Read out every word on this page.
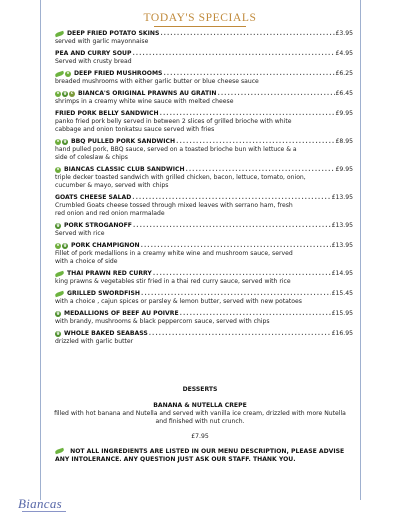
TODAY'S SPECIALS
DEEP FRIED POTATO SKINS .....	£3.95
served with garlic mayonnaise
PEA AND CURRY SOUP .....	£4.95
Served with crusty bread
v DEEP FRIED MUSHROOMS .....	£6.25
breaded mushrooms with either garlic butter or blue cheese sauce
v g c BIANCA'S ORIGINAL PRAWNS AU GRATIN .....	£6.45
shrimps in a creamy white wine sauce with melted cheese
FRIED PORK BELLY SANDWICH .....	£9.95
panko fried pork belly served in between 2 slices of grilled brioche with white
cabbage and onion tonkatsu sauce served with fries
v g BBQ PULLED PORK SANDWICH .....	£8.95
hand pulled pork, BBQ sauce, served on a toasted brioche bun with lettuce & a
side of coleslaw & chips
v BIANCAS CLASSIC CLUB SANDWICH .....	£9.95
triple decker toasted sandwich with grilled chicken, bacon, lettuce, tomato, onion,
cucumber & mayo, served with chips
GOATS CHEESE SALAD .....	£13.95
Crumbled Goats cheese tossed through mixed leaves with serrano ham, fresh
red onion and red onion marmalade
g PORK STROGANOFF .....	£13.95
Served with rice
v g PORK CHAMPIGNON .....	£13.95
Fillet of pork medallions in a creamy white wine and mushroom sauce, served
with a choice of side
THAI PRAWN RED CURRY .....	£14.95
king prawns & vegetables stir fried in a thai red curry sauce, served with rice
GRILLED SWORDFISH .....	£15.45
with a choice , cajun spices or parsley & lemon butter, served with new potatoes
g MEDALLIONS OF BEEF AU POIVRE .....	£15.95
with brandy, mushrooms & black peppercorn sauce, served with chips
g WHOLE BAKED SEABASS .....	£16.95
drizzled with garlic butter
DESSERTS
BANANA & NUTELLA CREPE
filled with hot banana and Nutella and served with vanilla ice cream, drizzled with more Nutella and finished with nut crunch.
£7.95
NOT ALL INGREDIENTS ARE LISTED IN OUR MENU DESCRIPTION, PLEASE ADVISE ANY INTOLERANCE. ANY QUESTION JUST ASK OUR STAFF. THANK YOU.
Biancas
